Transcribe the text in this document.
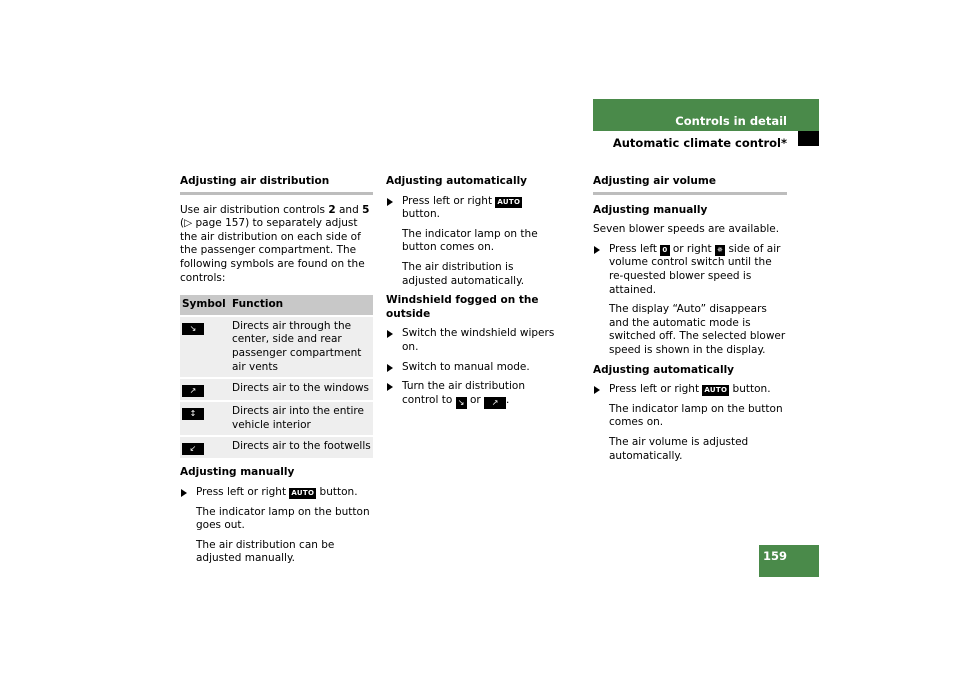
Controls in detail
Automatic climate control*
Adjusting air distribution

Use air distribution controls 2 and 5
(▷ page 157) to separately adjust the air distribution on each side of the passenger compartment. The following symbols are found on the controls:

Symbol	Function
↘	Directs air through the center, side and rear passenger compartment air vents
↗	Directs air to the windows
↕	Directs air into the entire vehicle interior
↙	Directs air to the footwells
Adjusting manually
Press left or right AUTO button.
The indicator lamp on the button goes out.
The air distribution can be adjusted manually.
Adjusting automatically
Press left or right AUTO button.
The indicator lamp on the button comes on.
The air distribution is adjusted automatically.
Windshield fogged on the outside
Switch the windshield wipers on.
Switch to manual mode.
Turn the air distribution control to ↘ or ↗ .
Adjusting air volume
Adjusting manually

Seven blower speeds are available.

Press left 0 or right ✵ side of air volume control switch until the re-quested blower speed is attained.
The display “Auto” disappears and the automatic mode is switched off. The selected blower speed is shown in the display.
Adjusting automatically
Press left or right AUTO button.
The indicator lamp on the button comes on.
The air volume is adjusted automatically.
159
